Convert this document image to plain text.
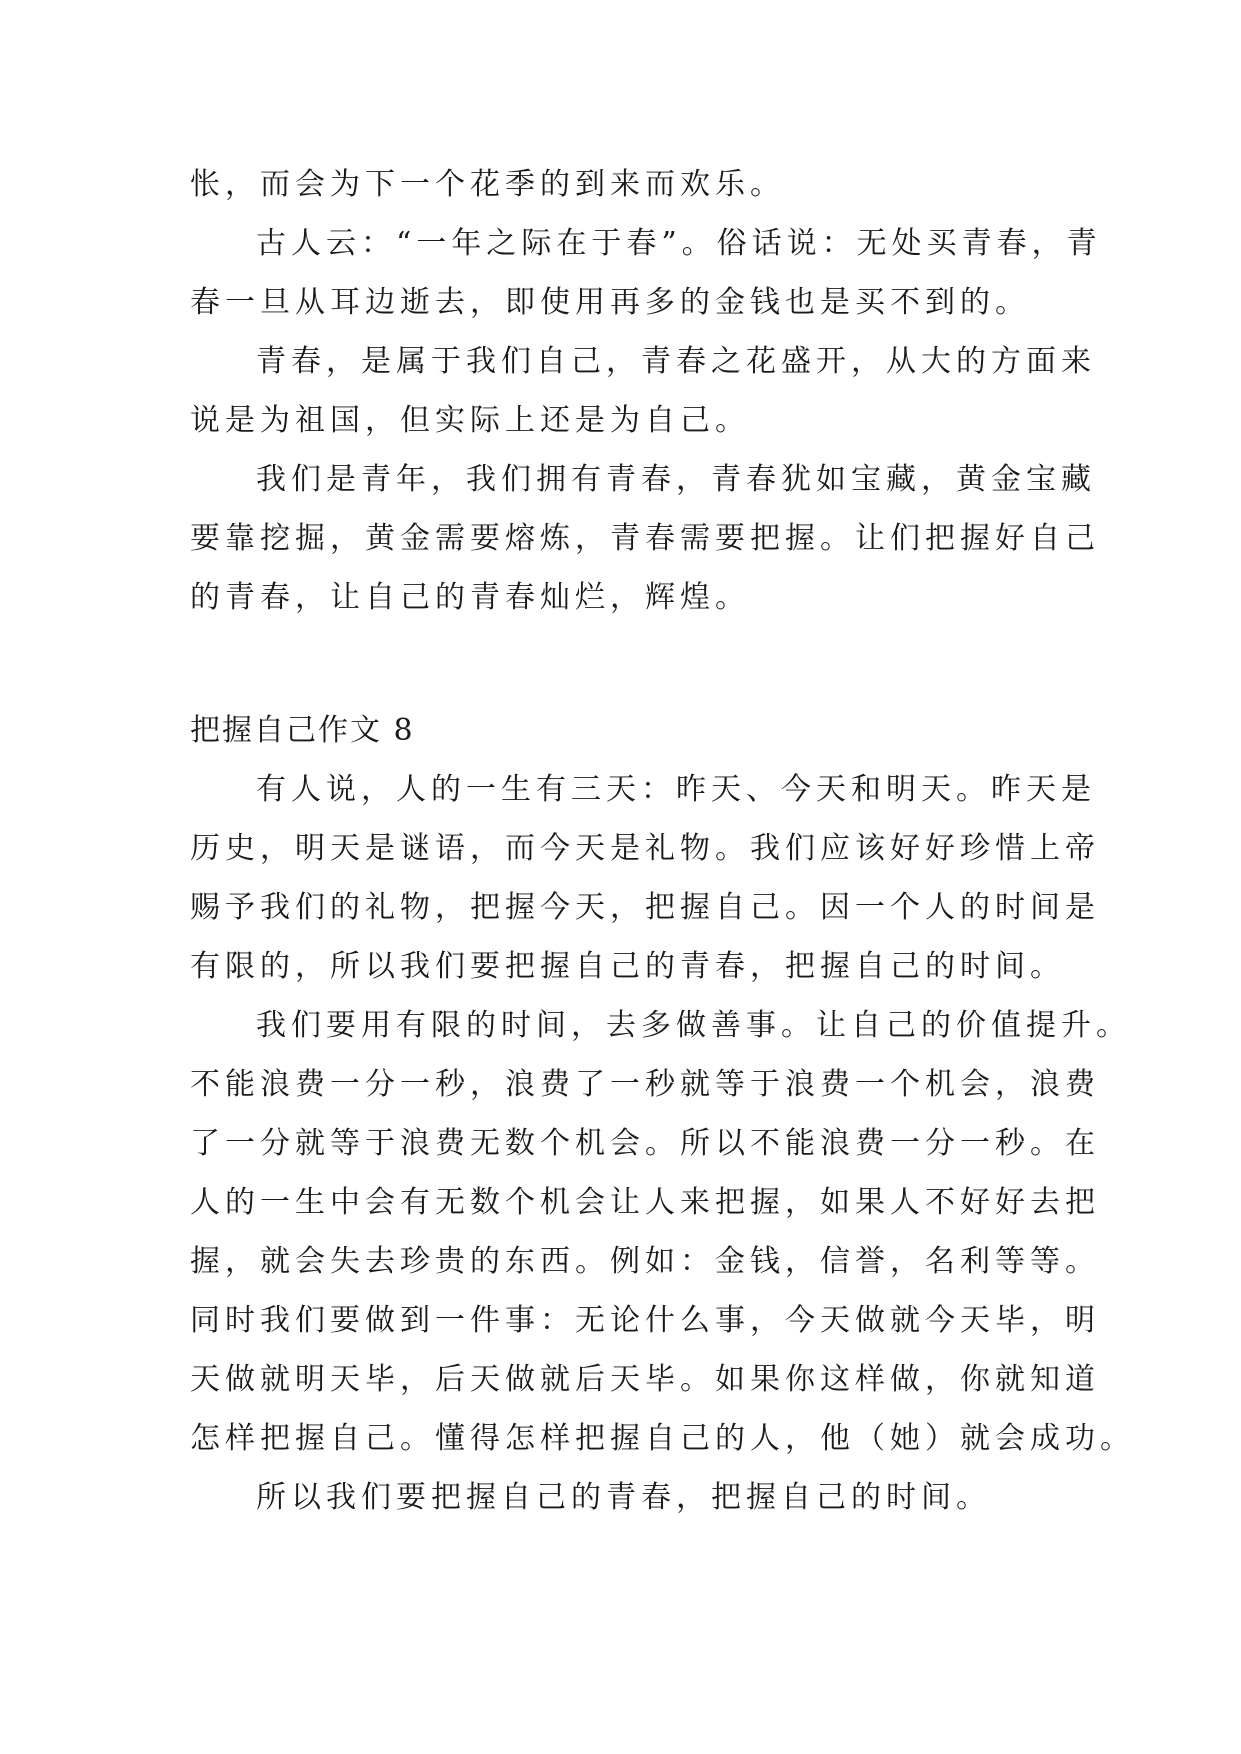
怅，而会为下一个花季的到来而欢乐。
古人云：“一年之际在于春”。俗话说：无处买青春，青
春一旦从耳边逝去，即使用再多的金钱也是买不到的。
青春，是属于我们自己，青春之花盛开，从大的方面来
说是为祖国，但实际上还是为自己。
我们是青年，我们拥有青春，青春犹如宝藏，黄金宝藏
要靠挖掘，黄金需要熔炼，青春需要把握。让们把握好自己
的青春，让自己的青春灿烂，辉煌。
把握自己作文 8
有人说，人的一生有三天：昨天、今天和明天。昨天是
历史，明天是谜语，而今天是礼物。我们应该好好珍惜上帝
赐予我们的礼物，把握今天，把握自己。因一个人的时间是
有限的，所以我们要把握自己的青春，把握自己的时间。
我们要用有限的时间，去多做善事。让自己的价值提升。
不能浪费一分一秒，浪费了一秒就等于浪费一个机会，浪费
了一分就等于浪费无数个机会。所以不能浪费一分一秒。在
人的一生中会有无数个机会让人来把握，如果人不好好去把
握，就会失去珍贵的东西。例如：金钱，信誉，名利等等。
同时我们要做到一件事：无论什么事，今天做就今天毕，明
天做就明天毕，后天做就后天毕。如果你这样做，你就知道
怎样把握自己。懂得怎样把握自己的人，他（她）就会成功。
所以我们要把握自己的青春，把握自己的时间。
